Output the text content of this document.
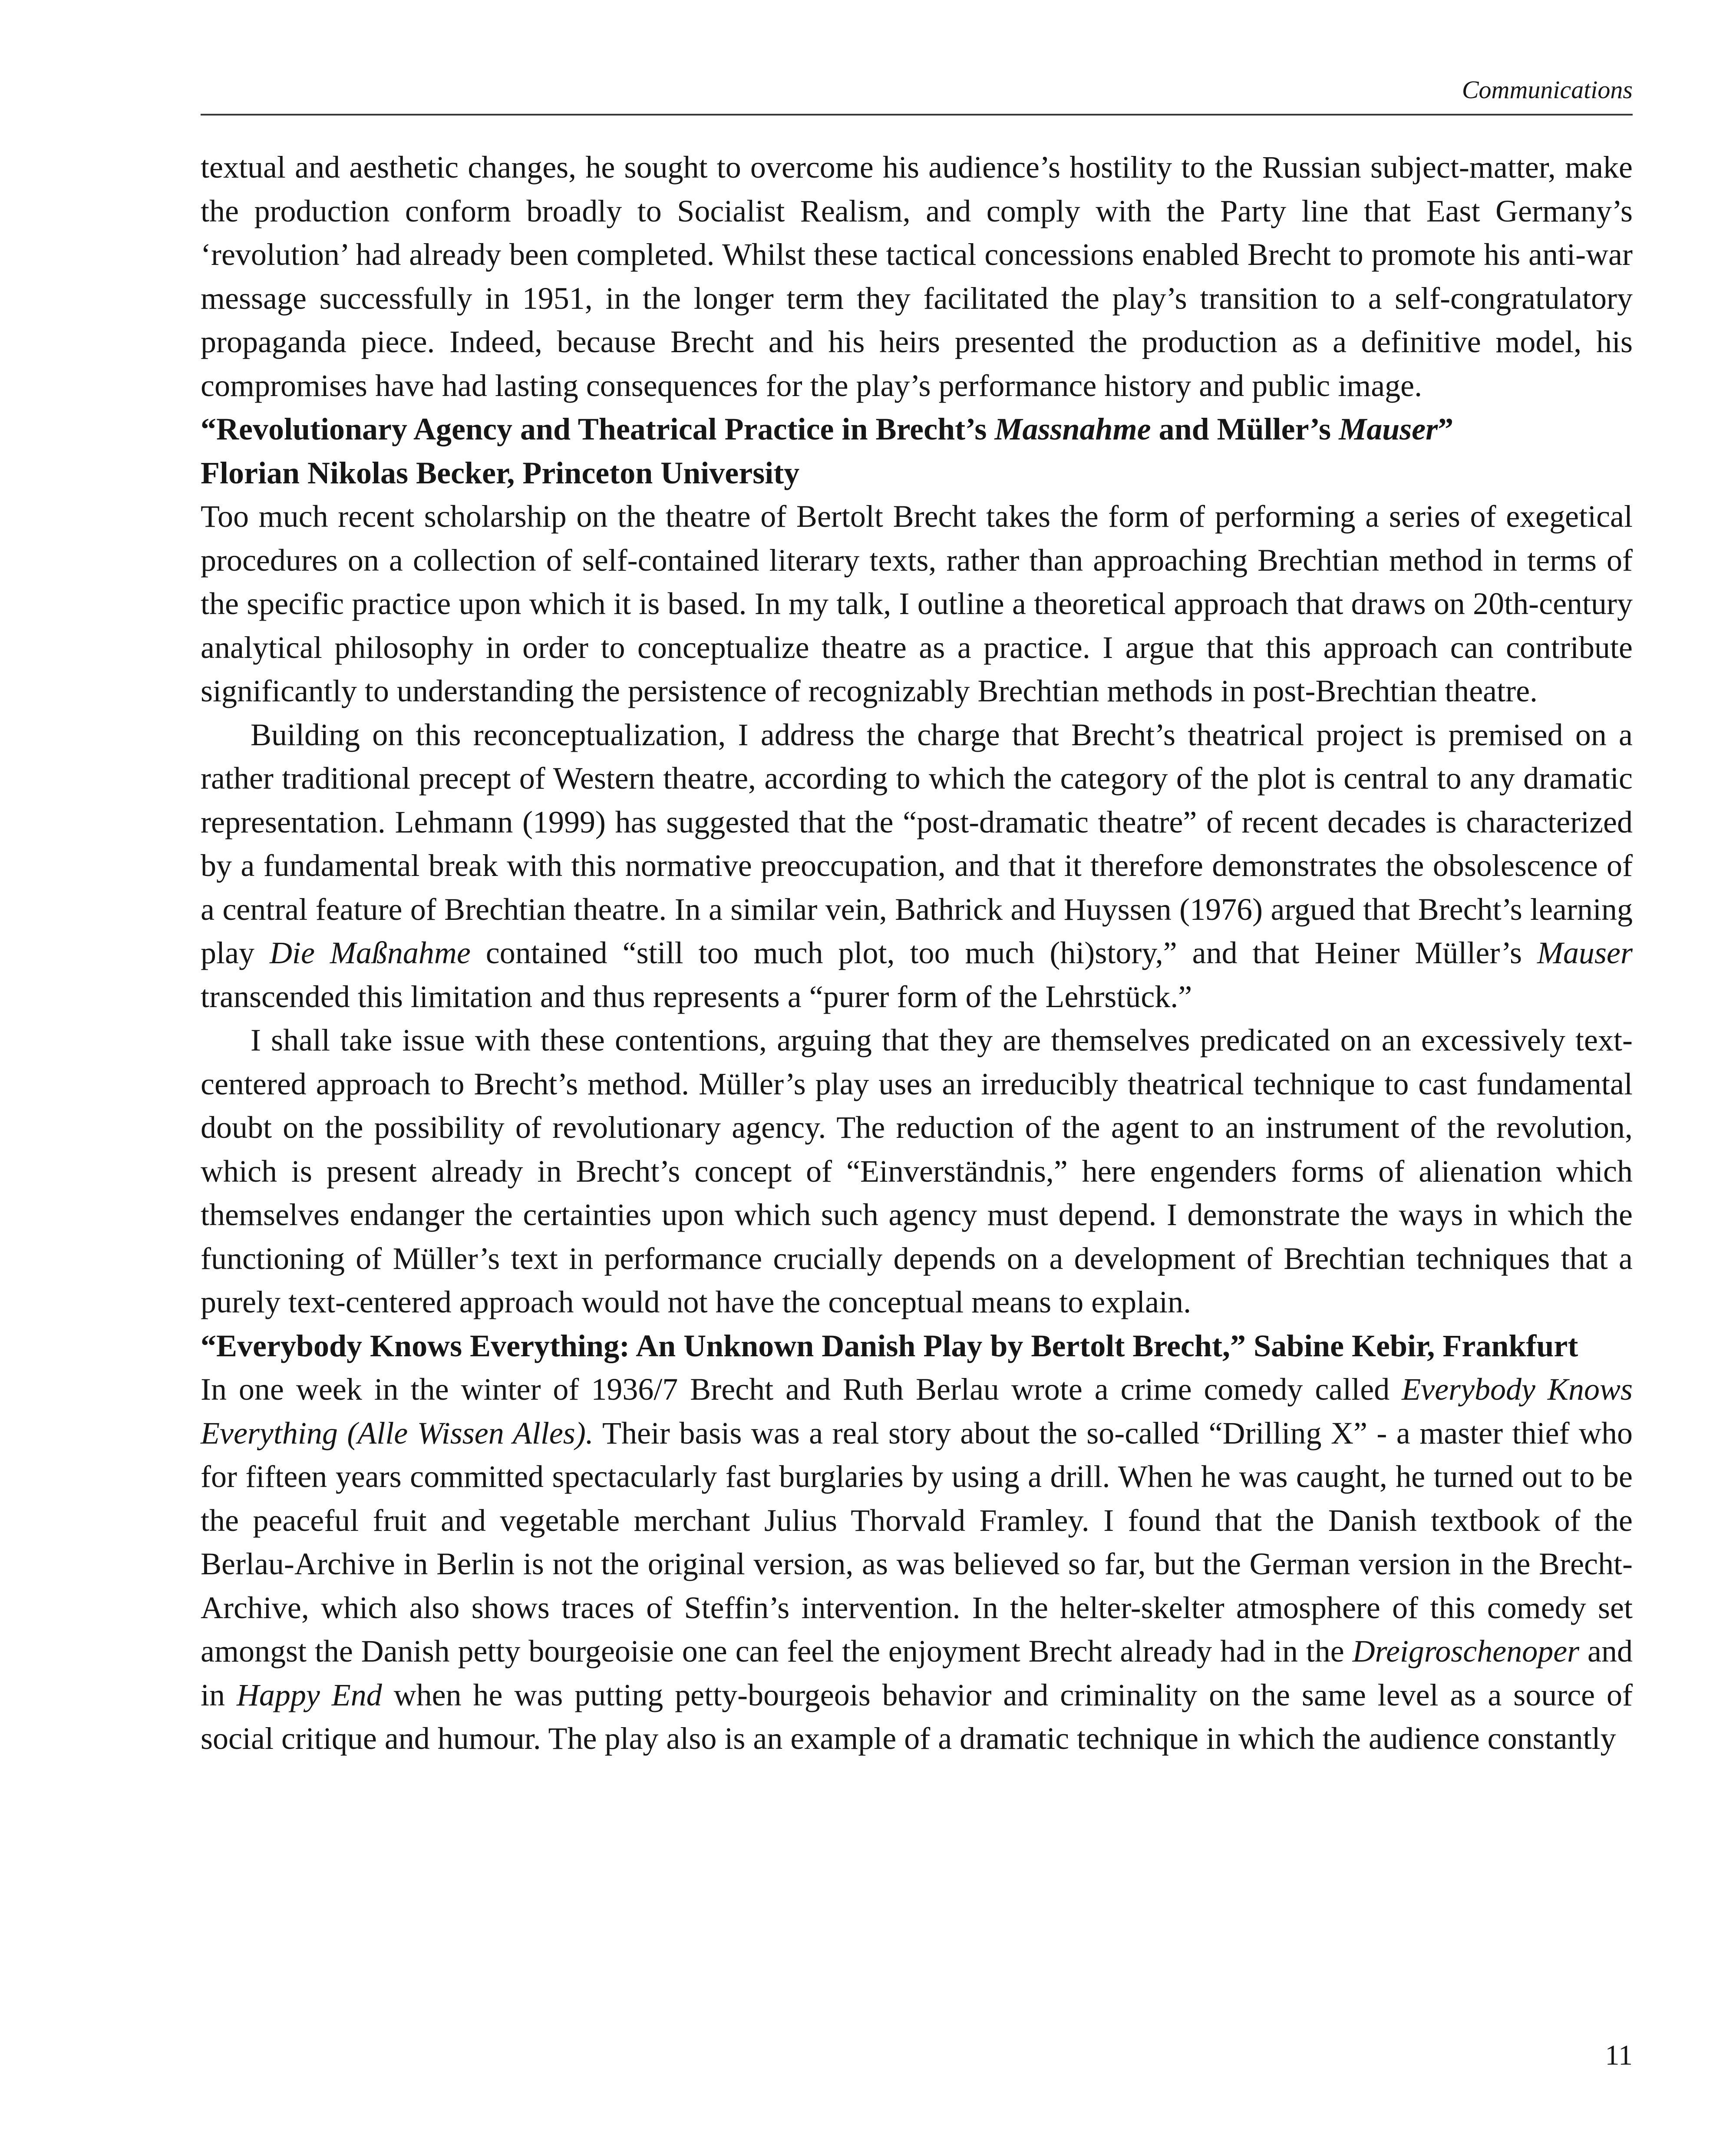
Communications

textual and aesthetic changes, he sought to overcome his audience’s hostility to the Russian subject-matter, make the production conform broadly to Socialist Realism, and comply with the Party line that East Germany’s ‘revolution’ had already been completed. Whilst these tactical concessions enabled Brecht to promote his anti-war message successfully in 1951, in the longer term they facilitated the play’s transition to a self-congratulatory propaganda piece. Indeed, because Brecht and his heirs presented the production as a definitive model, his compromises have had lasting consequences for the play’s performance history and public image.

“Revolutionary Agency and Theatrical Practice in Brecht’s Massnahme and Müller’s Mauser”

Florian Nikolas Becker, Princeton University

Too much recent scholarship on the theatre of Bertolt Brecht takes the form of performing a series of exegetical procedures on a collection of self-contained literary texts, rather than approaching Brechtian method in terms of the specific practice upon which it is based. In my talk, I outline a theoretical approach that draws on 20th-century analytical philosophy in order to conceptualize theatre as a practice. I argue that this approach can contribute significantly to understanding the persistence of recognizably Brechtian methods in post-Brechtian theatre.

Building on this reconceptualization, I address the charge that Brecht’s theatrical project is premised on a rather traditional precept of Western theatre, according to which the category of the plot is central to any dramatic representation. Lehmann (1999) has suggested that the “post-dramatic theatre” of recent decades is characterized by a fundamental break with this normative preoccupation, and that it therefore demonstrates the obsolescence of a central feature of Brechtian theatre. In a similar vein, Bathrick and Huyssen (1976) argued that Brecht’s learning play Die Maßnahme contained “still too much plot, too much (hi)story,” and that Heiner Müller’s Mauser transcended this limitation and thus represents a “purer form of the Lehrstück.”

I shall take issue with these contentions, arguing that they are themselves predicated on an excessively text-centered approach to Brecht’s method. Müller’s play uses an irreducibly theatrical technique to cast fundamental doubt on the possibility of revolutionary agency. The reduction of the agent to an instrument of the revolution, which is present already in Brecht’s concept of “Einverständnis,” here engenders forms of alienation which themselves endanger the certainties upon which such agency must depend. I demonstrate the ways in which the functioning of Müller’s text in performance crucially depends on a development of Brechtian techniques that a purely text-centered approach would not have the conceptual means to explain.

“Everybody Knows Everything: An Unknown Danish Play by Bertolt Brecht,” Sabine Kebir, Frankfurt

In one week in the winter of 1936/7 Brecht and Ruth Berlau wrote a crime comedy called Everybody Knows Everything (Alle Wissen Alles). Their basis was a real story about the so-called “Drilling X” - a master thief who for fifteen years committed spectacularly fast burglaries by using a drill. When he was caught, he turned out to be the peaceful fruit and vegetable merchant Julius Thorvald Framley. I found that the Danish textbook of the Berlau-Archive in Berlin is not the original version, as was believed so far, but the German version in the Brecht-Archive, which also shows traces of Steffin’s intervention. In the helter-skelter atmosphere of this comedy set amongst the Danish petty bourgeoisie one can feel the enjoyment Brecht already had in the Dreigroschenoper and in Happy End when he was putting petty-bourgeois behavior and criminality on the same level as a source of social critique and humour. The play also is an example of a dramatic technique in which the audience constantly

11
